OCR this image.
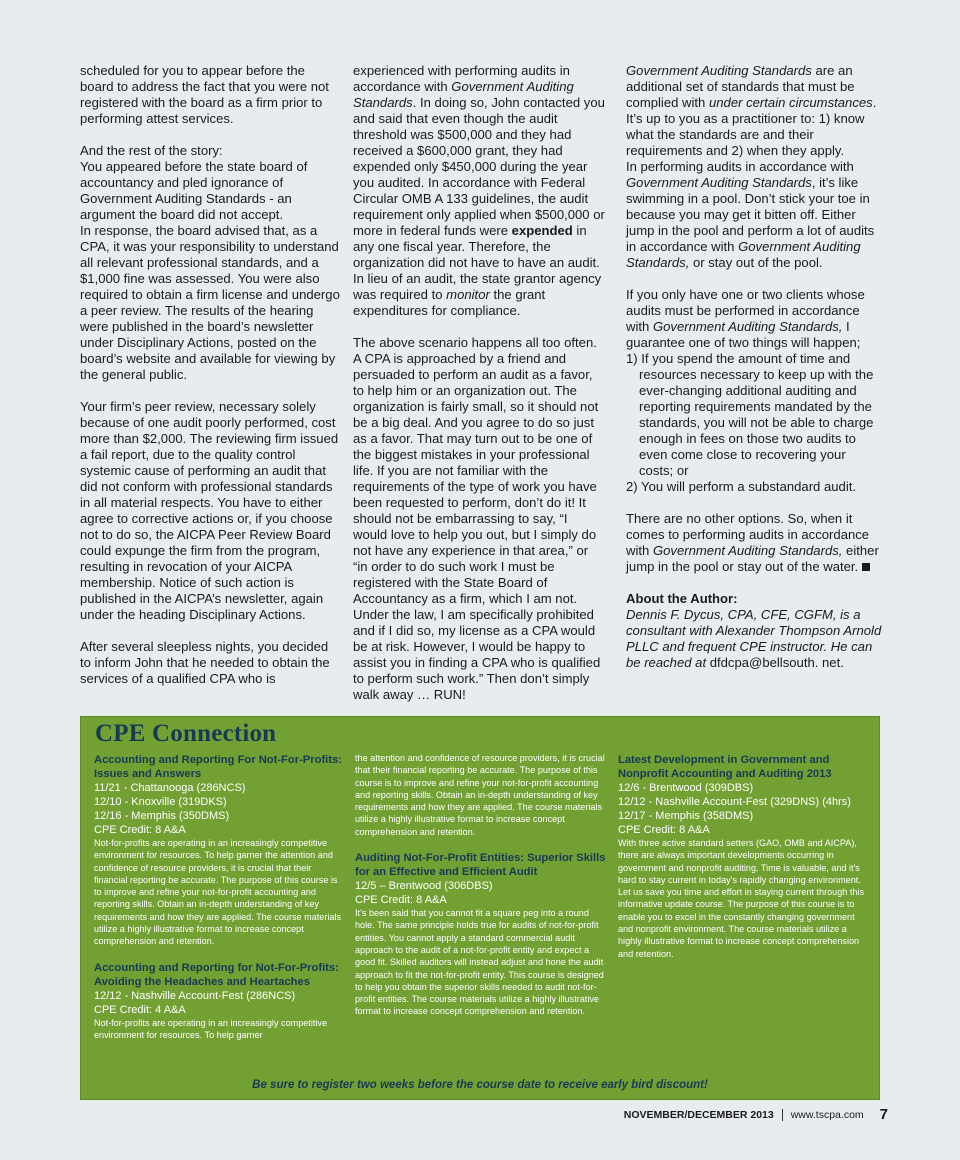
scheduled for you to appear before the board to address the fact that you were not registered with the board as a firm prior to performing attest services.

And the rest of the story:

You appeared before the state board of accountancy and pled ignorance of Government Auditing Standards - an argument the board did not accept.

In response, the board advised that, as a CPA, it was your responsibility to understand all relevant professional standards, and a $1,000 fine was assessed. You were also required to obtain a firm license and undergo a peer review. The results of the hearing were published in the board’s newsletter under Disciplinary Actions, posted on the board’s website and available for viewing by the general public.

Your firm’s peer review, necessary solely because of one audit poorly performed, cost more than $2,000. The reviewing firm issued a fail report, due to the quality control systemic cause of performing an audit that did not conform with professional standards in all material respects. You have to either agree to corrective actions or, if you choose not to do so, the AICPA Peer Review Board could expunge the firm from the program, resulting in revocation of your AICPA membership. Notice of such action is published in the AICPA’s newsletter, again under the heading Disciplinary Actions.

After several sleepless nights, you decided to inform John that he needed to obtain the services of a qualified CPA who is

experienced with performing audits in accordance with Government Auditing Standards. In doing so, John contacted you and said that even though the audit threshold was $500,000 and they had received a $600,000 grant, they had expended only $450,000 during the year you audited. In accordance with Federal Circular OMB A 133 guidelines, the audit requirement only applied when $500,000 or more in federal funds were expended in any one fiscal year. Therefore, the organization did not have to have an audit. In lieu of an audit, the state grantor agency was required to monitor the grant expenditures for compliance.

The above scenario happens all too often. A CPA is approached by a friend and persuaded to perform an audit as a favor, to help him or an organization out. The organization is fairly small, so it should not be a big deal. And you agree to do so just as a favor. That may turn out to be one of the biggest mistakes in your professional life. If you are not familiar with the requirements of the type of work you have been requested to perform, don’t do it! It should not be embarrassing to say, “I would love to help you out, but I simply do not have any experience in that area,” or “in order to do such work I must be registered with the State Board of Accountancy as a firm, which I am not. Under the law, I am specifically prohibited and if I did so, my license as a CPA would be at risk. However, I would be happy to assist you in finding a CPA who is qualified to perform such work.” Then don’t simply walk away … RUN!

Government Auditing Standards are an additional set of standards that must be complied with under certain circumstances. It’s up to you as a practitioner to: 1) know what the standards are and their requirements and 2) when they apply.

In performing audits in accordance with Government Auditing Standards, it’s like swimming in a pool. Don’t stick your toe in because you may get it bitten off. Either jump in the pool and perform a lot of audits in accordance with Government Auditing Standards, or stay out of the pool.

If you only have one or two clients whose audits must be performed in accordance with Government Auditing Standards, I guarantee one of two things will happen;

1) If you spend the amount of time and resources necessary to keep up with the ever-changing additional auditing and reporting requirements mandated by the standards, you will not be able to charge enough in fees on those two audits to even come close to recovering your costs; or

2) You will perform a substandard audit.

There are no other options. So, when it comes to performing audits in accordance with Government Auditing Standards, either jump in the pool or stay out of the water.

About the Author:

Dennis F. Dycus, CPA, CFE, CGFM, is a consultant with Alexander Thompson Arnold PLLC and frequent CPE instructor. He can be reached at dfdcpa@bellsouth. net.

CPE Connection
Accounting and Reporting For Not-For-Profits: Issues and Answers
11/21 - Chattanooga (286NCS)
12/10 - Knoxville (319DKS)
12/16 - Memphis (350DMS)
CPE Credit: 8 A&A
Not-for-profits are operating in an increasingly competitive environment for resources. To help garner the attention and confidence of resource providers, it is crucial that their financial reporting be accurate. The purpose of this course is to improve and refine your not-for-profit accounting and reporting skills. Obtain an in-depth understanding of key requirements and how they are applied. The course materials utilize a highly illustrative format to increase concept comprehension and retention.
Accounting and Reporting for Not-For-Profits: Avoiding the Headaches and Heartaches
12/12 - Nashville Account-Fest (286NCS)
CPE Credit: 4 A&A
Not-for-profits are operating in an increasingly competitive environment for resources. To help garner
the attention and confidence of resource providers, it is crucial that their financial reporting be accurate. The purpose of this course is to improve and refine your not-for-profit accounting and reporting skills. Obtain an in-depth understanding of key requirements and how they are applied. The course materials utilize a highly illustrative format to increase concept comprehension and retention.
Auditing Not-For-Profit Entities: Superior Skills for an Effective and Efficient Audit
12/5 – Brentwood (306DBS)
CPE Credit: 8 A&A
It’s been said that you cannot fit a square peg into a round hole. The same principle holds true for audits of not-for-profit entities. You cannot apply a standard commercial audit approach to the audit of a not-for-profit entity and expect a good fit. Skilled auditors will instead adjust and hone the audit approach to fit the not-for-profit entity. This course is designed to help you obtain the superior skills needed to audit not-for-profit entities. The course materials utilize a highly illustrative format to increase concept comprehension and retention.
Latest Development in Government and Nonprofit Accounting and Auditing 2013
12/6 - Brentwood (309DBS)
12/12 - Nashville Account-Fest (329DNS) (4hrs)
12/17 - Memphis (358DMS)
CPE Credit: 8 A&A
With three active standard setters (GAO, OMB and AICPA), there are always important developments occurring in government and nonprofit auditing. Time is valuable, and it's hard to stay current in today's rapidly changing environment. Let us save you time and effort in staying current through this informative update course. The purpose of this course is to enable you to excel in the constantly changing government and nonprofit environment. The course materials utilize a highly illustrative format to increase concept comprehension and retention.
Be sure to register two weeks before the course date to receive early bird discount!
NOVEMBER/DECEMBER 2013 www.tscpa.com 7
